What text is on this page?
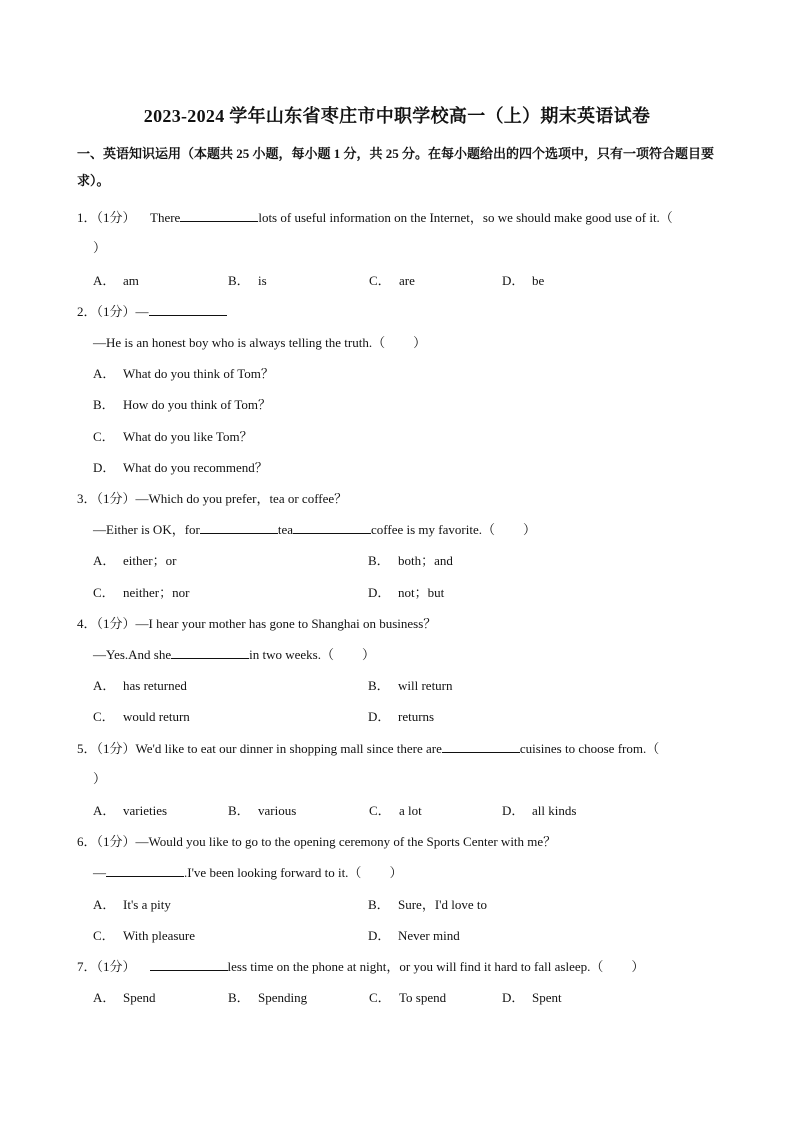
2023-2024 学年山东省枣庄市中职学校高一（上）期末英语试卷
一、英语知识运用（本题共 25 小题，每小题 1 分，共 25 分。在每小题给出的四个选项中，只有一项符合题目要求）。
1．（1分） There	lots of useful information on the Internet，so we should make good use of it.（
）
A． am	B． is	C． are	D． be
2．（1分）—
—He is an honest boy who is always telling the truth.（ ）
A． What do you think of Tom？
B． How do you think of Tom？
C． What do you like Tom？
D． What do you recommend？
3．（1分）—Which do you prefer，tea or coffee？
—Either is OK，for	tea	coffee is my favorite.（ ）
A． either；or	B． both；and
C． neither；nor	D． not；but
4．（1分）—I hear your mother has gone to Shanghai on business？
—Yes.And she	in two weeks.（ ）
A． has returned	B． will return
C． would return	D． returns
5．（1分）We'd like to eat our dinner in shopping mall since there are	cuisines to choose from.（
）
A． varieties	B． various	C． a lot	D． all kinds
6．（1分）—Would you like to go to the opening ceremony of the Sports Center with me？
—	.I've been looking forward to it.（ ）
A． It's a pity	B． Sure，I'd love to
C． With pleasure	D． Never mind
7．（1分）	less time on the phone at night，or you will find it hard to fall asleep.（ ）
A． Spend	B． Spending	C． To spend	D． Spent
